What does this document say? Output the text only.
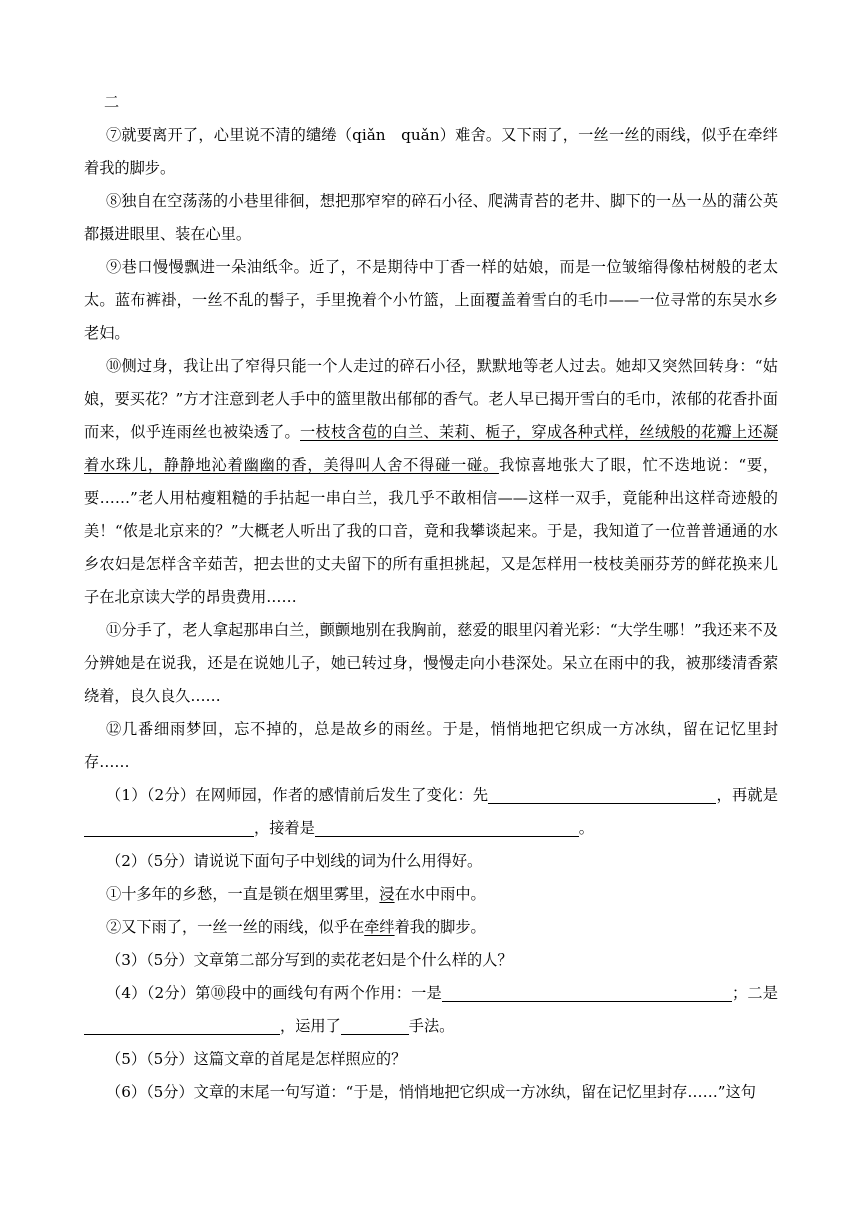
二

⑦就要离开了，心里说不清的缱绻（qiǎn　quǎn）难舍。又下雨了，一丝一丝的雨线，似乎在牵绊着我的脚步。

⑧独自在空荡荡的小巷里徘徊，想把那窄窄的碎石小径、爬满青苔的老井、脚下的一丛一丛的蒲公英都摄进眼里、装在心里。

⑨巷口慢慢飘进一朵油纸伞。近了，不是期待中丁香一样的姑娘，而是一位皱缩得像枯树般的老太太。蓝布裤褂，一丝不乱的髻子，手里挽着个小竹篮，上面覆盖着雪白的毛巾——一位寻常的东吴水乡老妇。

⑩侧过身，我让出了窄得只能一个人走过的碎石小径，默默地等老人过去。她却又突然回转身：“姑娘，要买花？”方才注意到老人手中的篮里散出郁郁的香气。老人早已揭开雪白的毛巾，浓郁的花香扑面而来，似乎连雨丝也被染透了。一枝枝含苞的白兰、茉莉、栀子，穿成各种式样，丝绒般的花瓣上还凝着水珠儿，静静地沁着幽幽的香，美得叫人舍不得碰一碰。我惊喜地张大了眼，忙不迭地说：“要，要……”老人用枯瘦粗糙的手拈起一串白兰，我几乎不敢相信——这样一双手，竟能种出这样奇迹般的美！“侬是北京来的？”大概老人听出了我的口音，竟和我攀谈起来。于是，我知道了一位普普通通的水乡农妇是怎样含辛茹苦，把去世的丈夫留下的所有重担挑起，又是怎样用一枝枝美丽芬芳的鲜花换来儿子在北京读大学的昂贵费用……

⑪分手了，老人拿起那串白兰，颤颤地别在我胸前，慈爱的眼里闪着光彩：“大学生哪！”我还来不及分辨她是在说我，还是在说她儿子，她已转过身，慢慢走向小巷深处。呆立在雨中的我，被那缕清香萦绕着，良久良久……

⑫几番细雨梦回，忘不掉的，总是故乡的雨丝。于是，悄悄地把它织成一方冰纨，留在记忆里封存……

（1）（2分）在网师园，作者的感情前后发生了变化：先	，再就是，接着是	。

（2）（5分）请说说下面句子中划线的词为什么用得好。

①十多年的乡愁，一直是锁在烟里雾里，浸在水中雨中。

②又下雨了，一丝一丝的雨线，似乎在牵绊着我的脚步。

（3）（5分）文章第二部分写到的卖花老妇是个什么样的人？

（4）（2分）第⑩段中的画线句有两个作用：一是	；二是，运用了	手法。

（5）（5分）这篇文章的首尾是怎样照应的？

（6）（5分）文章的末尾一句写道：“于是，悄悄地把它织成一方冰纨，留在记忆里封存……”这句
